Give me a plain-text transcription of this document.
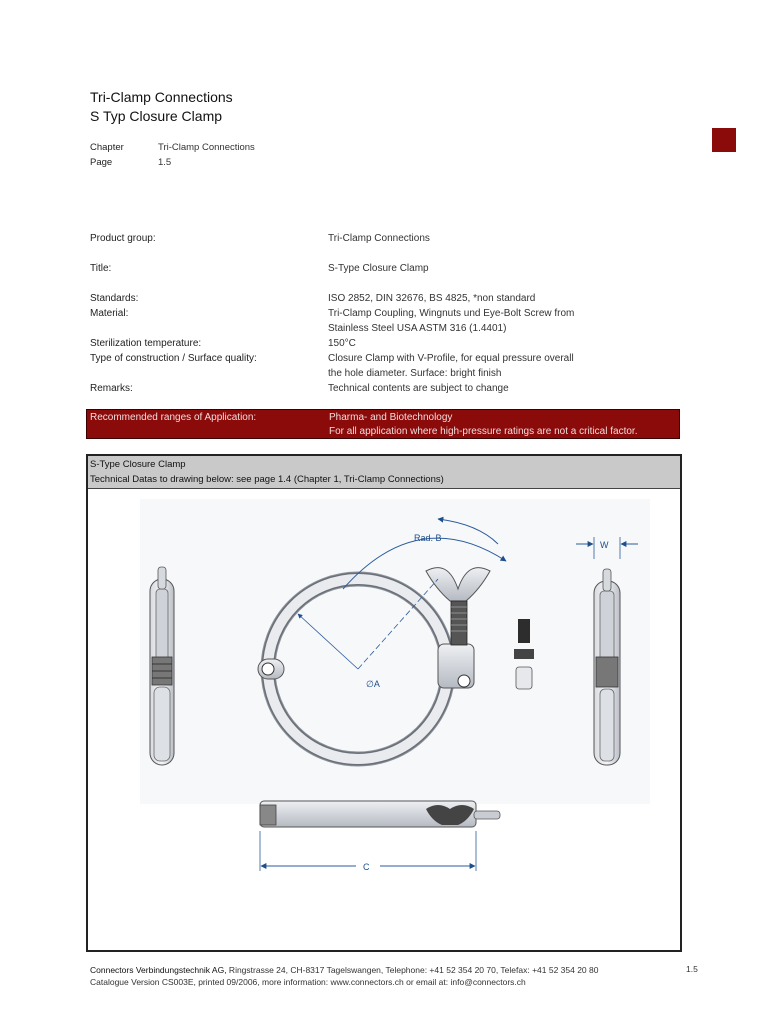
Tri-Clamp Connections
S Typ Closure Clamp
Chapter	Tri-Clamp Connections
Page	1.5
Product group:	Tri-Clamp Connections
Title:	S-Type Closure Clamp
Standards:	ISO 2852, DIN 32676, BS 4825, *non standard
Material:	Tri-Clamp Coupling, Wingnuts und Eye-Bolt Screw from
Stainless Steel USA ASTM 316 (1.4401)
Sterilization temperature:	150°C
Type of construction / Surface quality:	Closure Clamp with V-Profile, for equal pressure overall
the hole diameter. Surface: bright finish
Remarks:	Technical contents are subject to change
Recommended ranges of Application:	Pharma- and Biotechnology
For all application where high-pressure ratings are not a critical factor.
S-Type Closure Clamp
Technical Datas to drawing below: see page 1.4 (Chapter 1, Tri-Clamp Connections)
Rad. B
∅A
W
C
Connectors Verbindungstechnik AG, Ringstrasse 24, CH-8317 Tagelswangen, Telephone: +41 52 354 20 70, Telefax: +41 52 354 20 80
Catalogue Version CS003E, printed 09/2006, more information: www.connectors.ch or email at: info@connectors.ch
1.5
